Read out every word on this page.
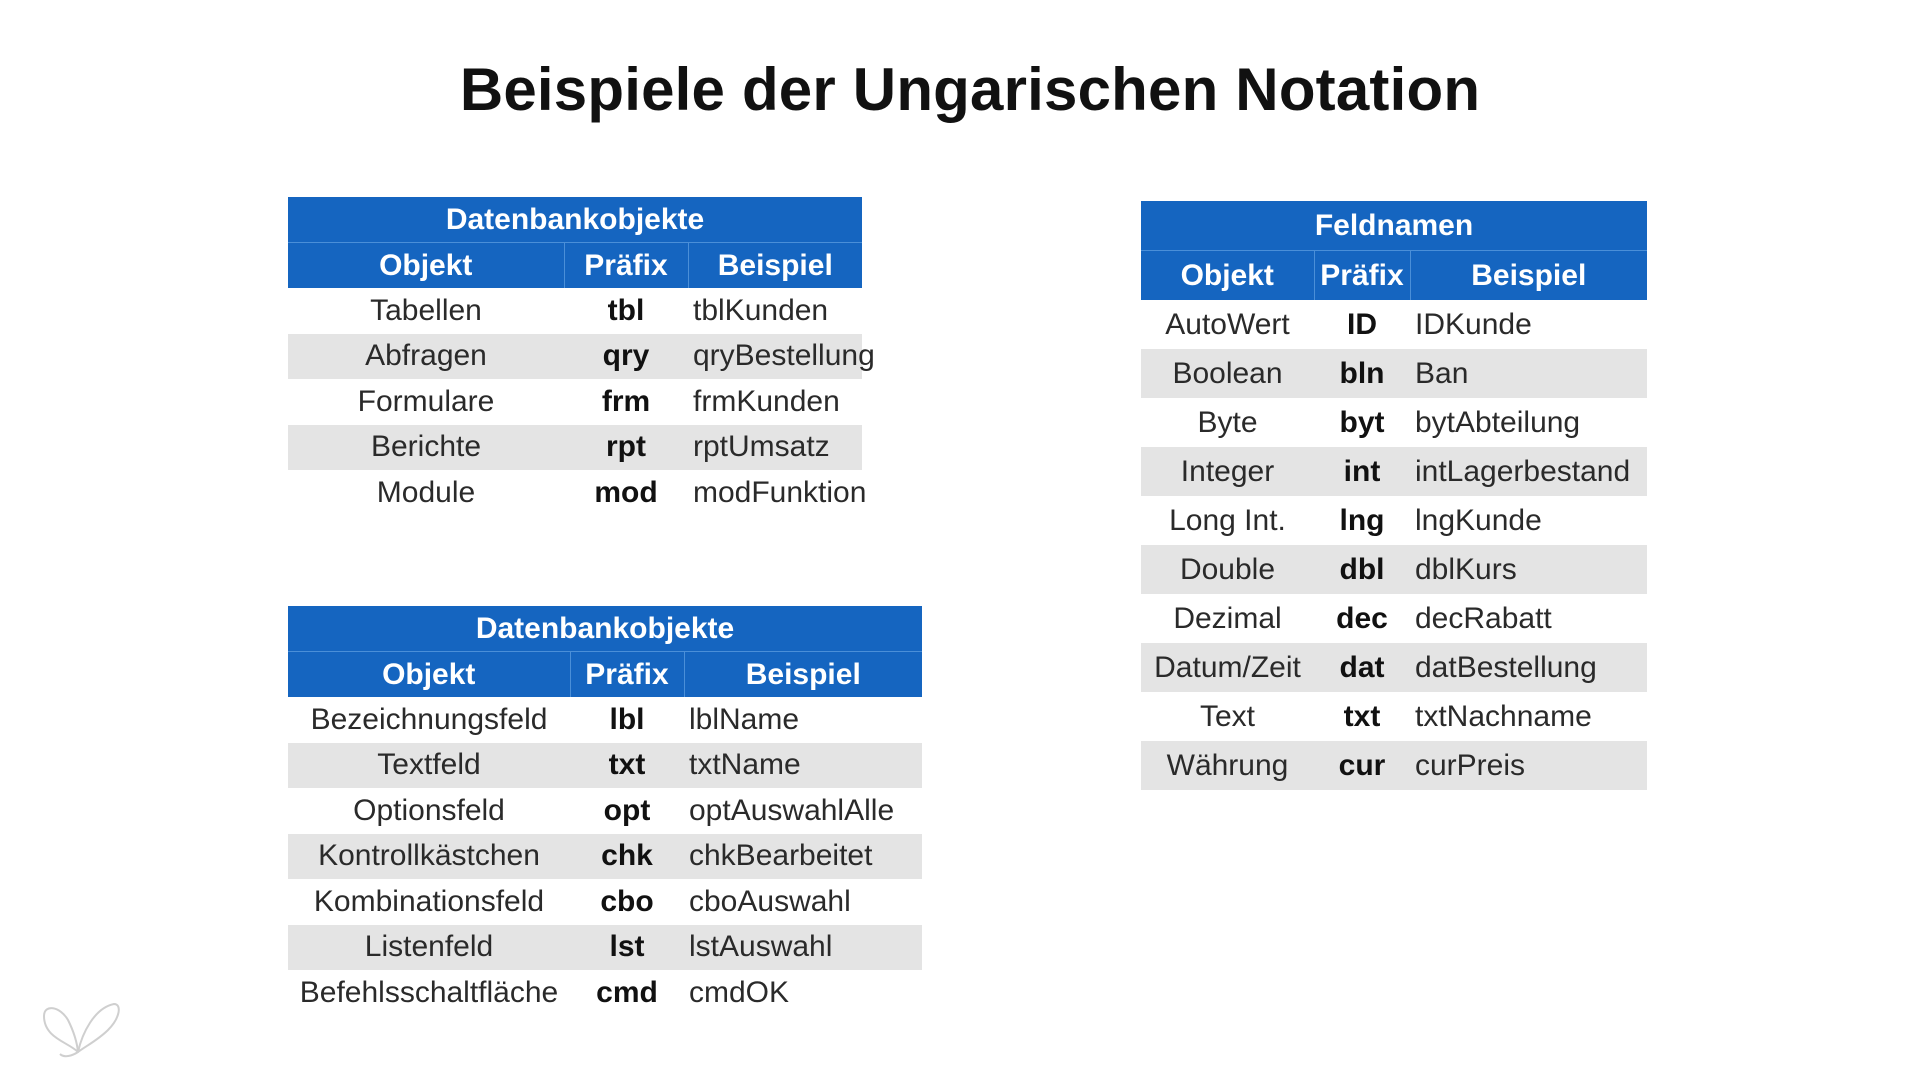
Beispiele der Ungarischen Notation
Datenbankobjekte		
Objekt	Präfix	Beispiel
Tabellen	tbl	tblKunden
Abfragen	qry	qryBestellung
Formulare	frm	frmKunden
Berichte	rpt	rptUmsatz
Module	mod	modFunktion
Datenbankobjekte		
Objekt	Präfix	Beispiel
Bezeichnungsfeld	lbl	lblName
Textfeld	txt	txtName
Optionsfeld	opt	optAuswahlAlle
Kontrollkästchen	chk	chkBearbeitet
Kombinationsfeld	cbo	cboAuswahl
Listenfeld	lst	lstAuswahl
Befehlsschaltfläche	cmd	cmdOK
Feldnamen		
Objekt	Präfix	Beispiel
AutoWert	ID	IDKunde
Boolean	bln	Ban
Byte	byt	bytAbteilung
Integer	int	intLagerbestand
Long Int.	lng	lngKunde
Double	dbl	dblKurs
Dezimal	dec	decRabatt
Datum/Zeit	dat	datBestellung
Text	txt	txtNachname
Währung	cur	curPreis
